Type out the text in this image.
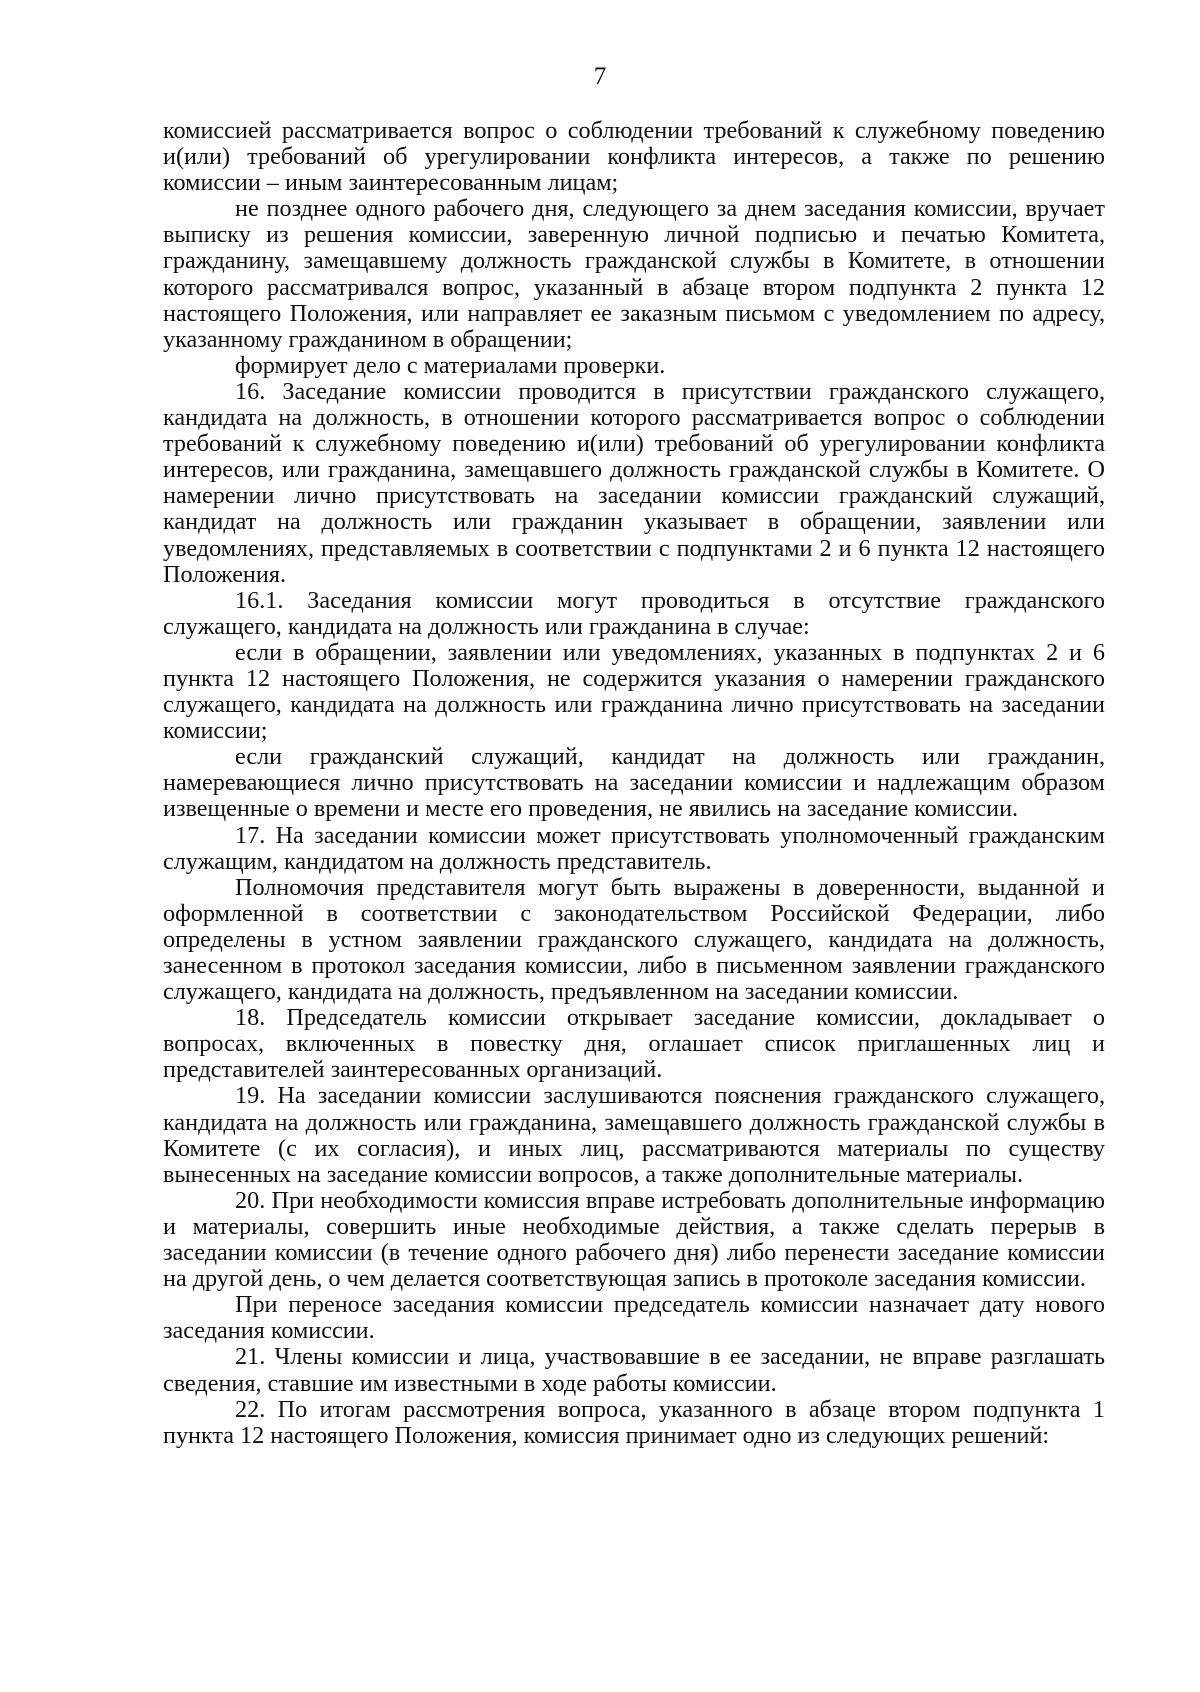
7

комиссией рассматривается вопрос о соблюдении требований к служебному поведению и(или) требований об урегулировании конфликта интересов, а также по решению комиссии – иным заинтересованным лицам;

не позднее одного рабочего дня, следующего за днем заседания комиссии, вручает выписку из решения комиссии, заверенную личной подписью и печатью Комитета, гражданину, замещавшему должность гражданской службы в Комитете, в отношении которого рассматривался вопрос, указанный в абзаце втором подпункта 2 пункта 12 настоящего Положения, или направляет ее заказным письмом с уведомлением по адресу, указанному гражданином в обращении;

формирует дело с материалами проверки.

16. Заседание комиссии проводится в присутствии гражданского служащего, кандидата на должность, в отношении которого рассматривается вопрос о соблюдении требований к служебному поведению и(или) требований об урегулировании конфликта интересов, или гражданина, замещавшего должность гражданской службы в Комитете. О намерении лично присутствовать на заседании комиссии гражданский служащий, кандидат на должность или гражданин указывает в обращении, заявлении или уведомлениях, представляемых в соответствии с подпунктами 2 и 6 пункта 12 настоящего Положения.

16.1. Заседания комиссии могут проводиться в отсутствие гражданского служащего, кандидата на должность или гражданина в случае:

если в обращении, заявлении или уведомлениях, указанных в подпунктах 2 и 6 пункта 12 настоящего Положения, не содержится указания о намерении гражданского служащего, кандидата на должность или гражданина лично присутствовать на заседании комиссии;

если гражданский служащий, кандидат на должность или гражданин, намеревающиеся лично присутствовать на заседании комиссии и надлежащим образом извещенные о времени и месте его проведения, не явились на заседание комиссии.

17. На заседании комиссии может присутствовать уполномоченный гражданским служащим, кандидатом на должность представитель.

Полномочия представителя могут быть выражены в доверенности, выданной и оформленной в соответствии с законодательством Российской Федерации, либо определены в устном заявлении гражданского служащего, кандидата на должность, занесенном в протокол заседания комиссии, либо в письменном заявлении гражданского служащего, кандидата на должность, предъявленном на заседании комиссии.

18. Председатель комиссии открывает заседание комиссии, докладывает о вопросах, включенных в повестку дня, оглашает список приглашенных лиц и представителей заинтересованных организаций.

19. На заседании комиссии заслушиваются пояснения гражданского служащего, кандидата на должность или гражданина, замещавшего должность гражданской службы в Комитете (с их согласия), и иных лиц, рассматриваются материалы по существу вынесенных на заседание комиссии вопросов, а также дополнительные материалы.

20. При необходимости комиссия вправе истребовать дополнительные информацию и материалы, совершить иные необходимые действия, а также сделать перерыв в заседании комиссии (в течение одного рабочего дня) либо перенести заседание комиссии на другой день, о чем делается соответствующая запись в протоколе заседания комиссии.

При переносе заседания комиссии председатель комиссии назначает дату нового заседания комиссии.

21. Члены комиссии и лица, участвовавшие в ее заседании, не вправе разглашать сведения, ставшие им известными в ходе работы комиссии.

22. По итогам рассмотрения вопроса, указанного в абзаце втором подпункта 1 пункта 12 настоящего Положения, комиссия принимает одно из следующих решений:
